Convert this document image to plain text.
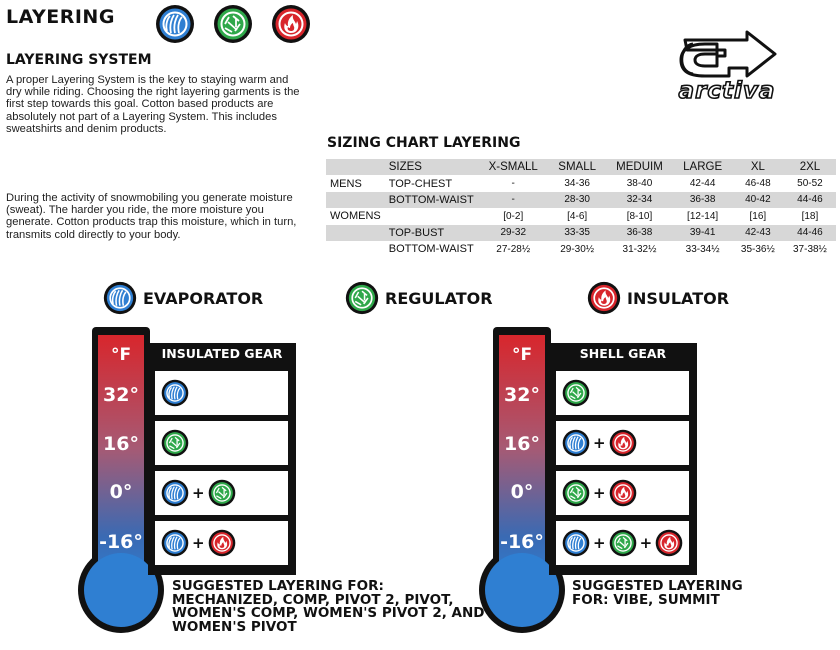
LAYERING
LAYERING SYSTEM
A proper Layering System is the key to staying warm and dry while riding. Choosing the right layering garments is the first step towards this goal. Cotton based products are absolutely not part of a Layering System. This includes sweatshirts and denim products.
During the activity of snowmobiling you generate moisture (sweat). The harder you ride, the more moisture you generate. Cotton products trap this moisture, which in turn, transmits cold directly to your body.
arctiva
SIZING CHART LAYERING
	SIZES	X-SMALL	SMALL	MEDUIM	LARGE	XL	2XL
MENS	TOP-CHEST	-	34-36	38-40	42-44	46-48	50-52
	BOTTOM-WAIST	-	28-30	32-34	36-38	40-42	44-46
WOMENS		[0-2]	[4-6]	[8-10]	[12-14]	[16]	[18]
	TOP-BUST	29-32	33-35	36-38	39-41	42-43	44-46
	BOTTOM-WAIST	27-28½	29-30½	31-32½	33-34½	35-36½	37-38½
EVAPORATOR	REGULATOR	INSULATOR
°F
32°
16°
0°
-16°
INSULATED GEAR
+
+
SUGGESTED LAYERING FOR:
MECHANIZED, COMP, PIVOT 2, PIVOT,
WOMEN'S COMP, WOMEN'S PIVOT 2, AND
WOMEN'S PIVOT
°F
32°
16°
0°
-16°
SHELL GEAR
+
+
+ +
SUGGESTED LAYERING
FOR: VIBE, SUMMIT
